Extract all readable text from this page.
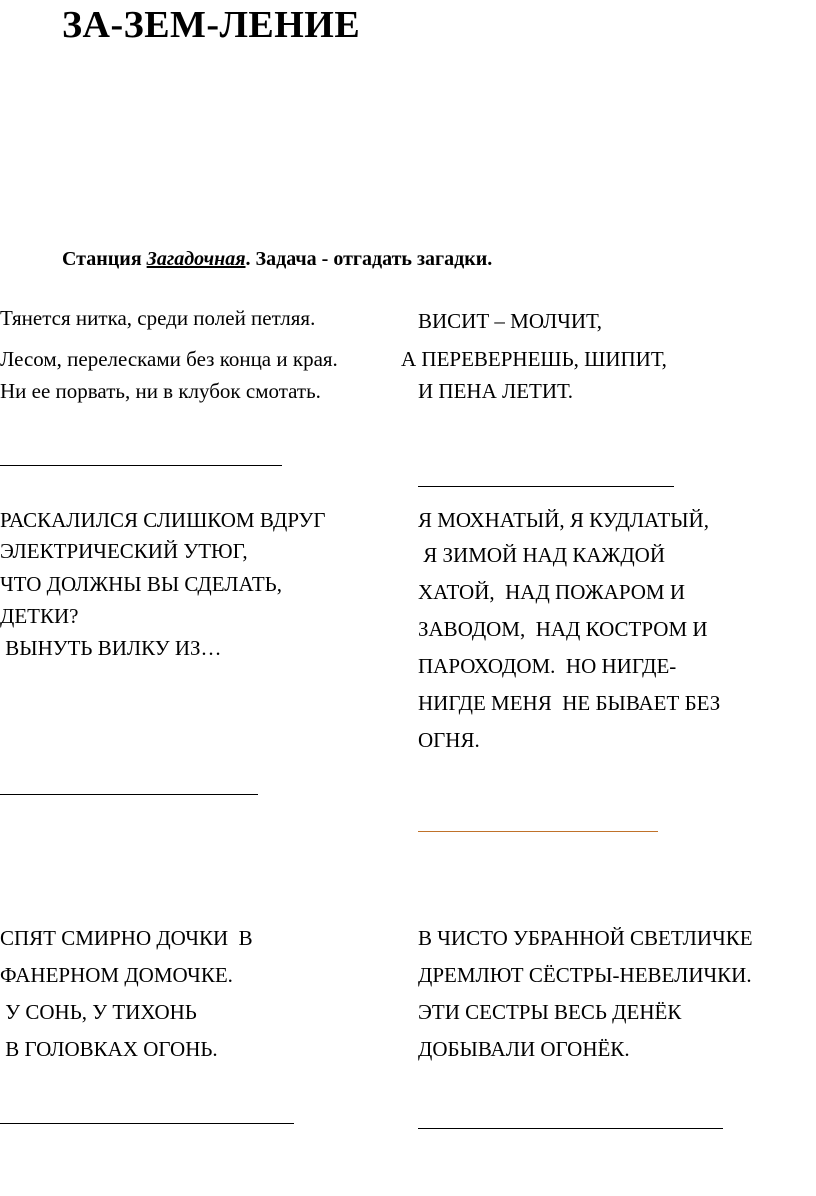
ЗА-ЗЕМ-ЛЕНИЕ
Станция Загадочная. Задача - отгадать загадки.
Тянется нитка, среди полей петляя.
Лесом, перелесками без конца и края.
Ни ее порвать, ни в клубок смотать.
ВИСИТ – МОЛЧИТ,
А ПЕРЕВЕРНЕШЬ, ШИПИТ,
И ПЕНА ЛЕТИТ.
РАСКАЛИЛСЯ СЛИШКОМ ВДРУГ
ЭЛЕКТРИЧЕСКИЙ УТЮГ,
ЧТО ДОЛЖНЫ ВЫ СДЕЛАТЬ,
ДЕТКИ?
ВЫНУТЬ ВИЛКУ ИЗ…
Я МОХНАТЫЙ, Я КУДЛАТЫЙ,
Я ЗИМОЙ НАД КАЖДОЙ
ХАТОЙ,  НАД ПОЖАРОМ И
ЗАВОДОМ,  НАД КОСТРОМ И
ПАРОХОДОМ.  НО НИГДЕ-
НИГДЕ МЕНЯ  НЕ БЫВАЕТ БЕЗ
ОГНЯ.
СПЯТ СМИРНО ДОЧКИ  В
ФАНЕРНОМ ДОМОЧКЕ.
У СОНЬ, У ТИХОНЬ
В ГОЛОВКАХ ОГОНЬ.
В ЧИСТО УБРАННОЙ СВЕТЛИЧКЕ
ДРЕМЛЮТ СЁСТРЫ-НЕВЕЛИЧКИ.
ЭТИ СЕСТРЫ ВЕСЬ ДЕНЁК
ДОБЫВАЛИ ОГОНЁК.
